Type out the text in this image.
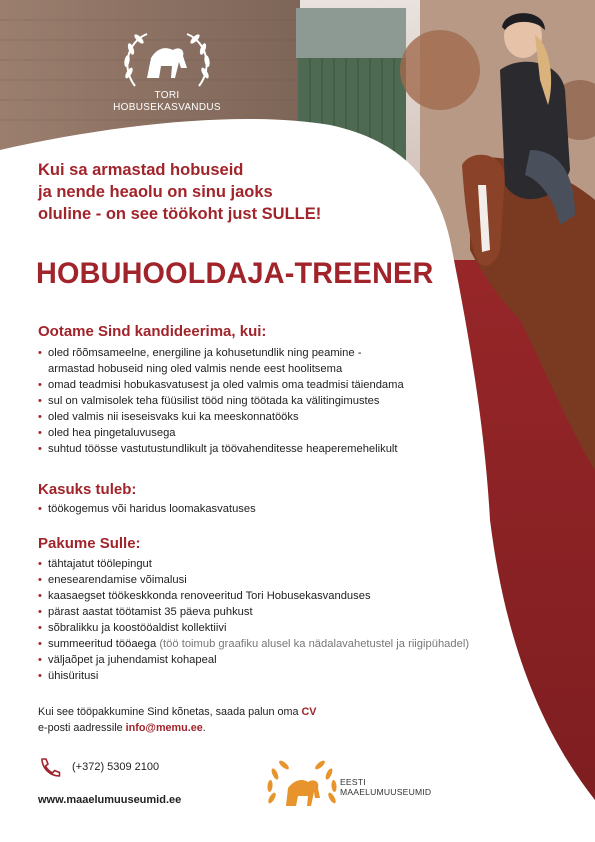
TORI
HOBUSEKASVANDUS
Kui sa armastad hobuseid
ja nende heaolu on sinu jaoks
oluline - on see töökoht just SULLE!
HOBUHOOLDAJA-TREENER
Ootame Sind kandideerima, kui:
• oled rõõmsameelne, energiline ja kohusetundlik ning peamine -
armastad hobuseid ning oled valmis nende eest hoolitsema
• omad teadmisi hobukasvatusest ja oled valmis oma teadmisi täiendama
• sul on valmisolek teha füüsilist tööd ning töötada ka välitingimustes
• oled valmis nii iseseisvaks kui ka meeskonnatööks
• oled hea pingetaluvusega
• suhtud töösse vastutustundlikult ja töövahenditesse heaperemehelikult
Kasuks tuleb:
• töökogemus või haridus loomakasvatuses
Pakume Sulle:
• tähtajatut töölepingut
• enesearendamise võimalusi
• kaasaegset töökeskkonda renoveeritud Tori Hobusekasvanduses
• pärast aastat töötamist 35 päeva puhkust
• sõbralikku ja koostööaldist kollektiivi
• summeeritud tööaega (töö toimub graafiku alusel ka nädalavahetustel ja riigipühadel)
• väljaõpet ja juhendamist kohapeal
• ühisüritusi
Kui see tööpakkumine Sind kõnetas, saada palun oma CV
e-posti aadressile info@memu.ee.
(+372) 5309 2100
www.maaelumuuseumid.ee
EESTI
MAAELUMUUSEUMID
Pärnu mnt 8a
Tori alevik
Pärnumaa
